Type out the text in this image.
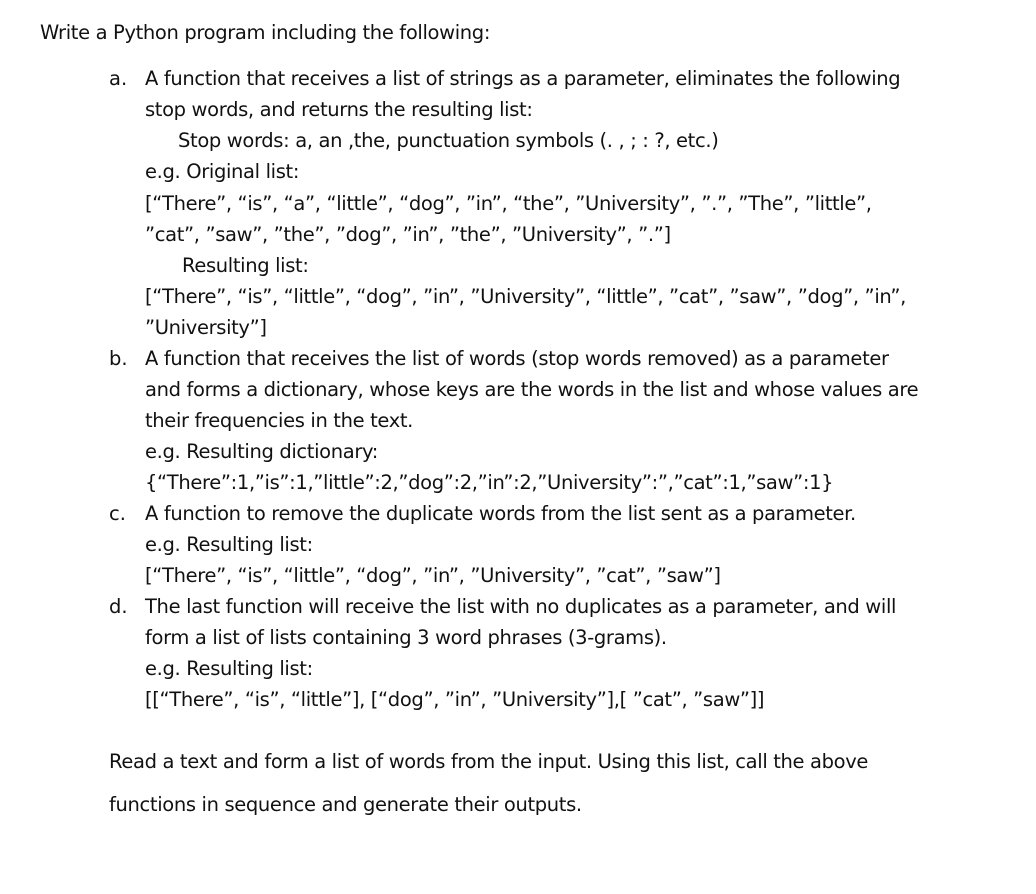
Write a Python program including the following:
a. A function that receives a list of strings as a parameter, eliminates the following
stop words, and returns the resulting list:
Stop words: a, an ,the, punctuation symbols (. , ; : ?, etc.)
e.g. Original list:
[“There”, “is”, “a”, “little”, “dog”, ”in”, “the”, ”University”, ”.”, ”The”, ”little”,
”cat”, ”saw”, ”the”, ”dog”, ”in”, ”the”, ”University”, ”.”]
Resulting list:
[“There”, “is”, “little”, “dog”, ”in”, ”University”, “little”, ”cat”, ”saw”, ”dog”, ”in”,
”University”]
b. A function that receives the list of words (stop words removed) as a parameter
and forms a dictionary, whose keys are the words in the list and whose values are
their frequencies in the text.
e.g. Resulting dictionary:
{“There”:1,”is”:1,”little”:2,”dog”:2,”in”:2,”University”:”,”cat”:1,”saw”:1}
c. A function to remove the duplicate words from the list sent as a parameter.
e.g. Resulting list:
[“There”, “is”, “little”, “dog”, ”in”, ”University”, ”cat”, ”saw”]
d. The last function will receive the list with no duplicates as a parameter, and will
form a list of lists containing 3 word phrases (3-grams).
e.g. Resulting list:
[[“There”, “is”, “little”], [“dog”, ”in”, ”University”],[ ”cat”, ”saw”]]
Read a text and form a list of words from the input. Using this list, call the above
functions in sequence and generate their outputs.
